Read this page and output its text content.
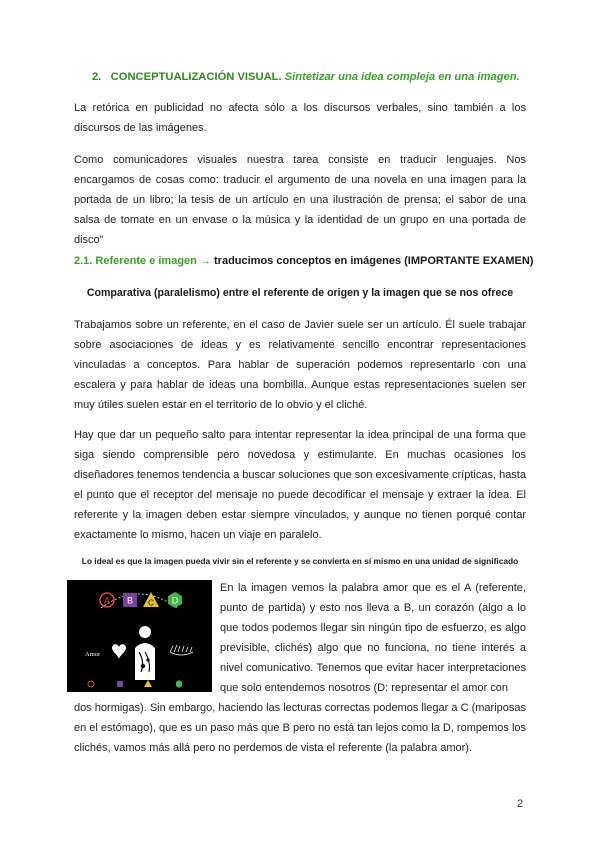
2. CONCEPTUALIZACIÓN VISUAL. Sintetizar una idea compleja en una imagen.

La retórica en publicidad no afecta sólo a los discursos verbales, sino también a los discursos de las imágenes.

Como comunicadores visuales nuestra tarea consiste en traducir lenguajes. Nos encargamos de cosas como: traducir el argumento de una novela en una imagen para la portada de un libro; la tesis de un artículo en una ilustración de prensa; el sabor de una salsa de tomate en un envase o la música y la identidad de un grupo en una portada de disco”

2.1. Referente e imagen → traducimos conceptos en imágenes (IMPORTANTE EXAMEN)
Comparativa (paralelismo) entre el referente de origen y la imagen que se nos ofrece

Trabajamos sobre un referente, en el caso de Javier suele ser un artículo. Él suele trabajar sobre asociaciones de ideas y es relativamente sencillo encontrar representaciones vinculadas a conceptos. Para hablar de superación podemos representarlo con una escalera y para hablar de ideas una bombilla. Aunque estas representaciones suelen ser muy útiles suelen estar en el territorio de lo obvio y el cliché.

Hay que dar un pequeño salto para intentar representar la idea principal de una forma que siga siendo comprensible pero novedosa y estimulante. En muchas ocasiones los diseñadores tenemos tendencia a buscar soluciones que son excesivamente crípticas, hasta el punto que el receptor del mensaje no puede decodificar el mensaje y extraer la idea. El referente y la imagen deben estar siempre vinculados, y aunque no tienen porqué contar exactamente lo mismo, hacen un viaje en paralelo.

Lo ideal es que la imagen pueda vivir sin el referente y se convierta en sí mismo en una unidad de significado
A B C D
Amor

En la imagen vemos la palabra amor que es el A (referente, punto de partida) y esto nos lleva a B, un corazón (algo a lo que todos podemos llegar sin ningún tipo de esfuerzo, es algo previsible, clichés) algo que no funciona, no tiene interés a nivel comunicativo. Tenemos que evitar hacer interpretaciones que solo entendemos nosotros (D: representar el amor con

2

dos hormigas). Sin embargo, haciendo las lecturas correctas podemos llegar a C (mariposas en el estómago), que es un paso más que B pero no está tan lejos como la D, rompemos los clichés, vamos más allá pero no perdemos de vista el referente (la palabra amor).
